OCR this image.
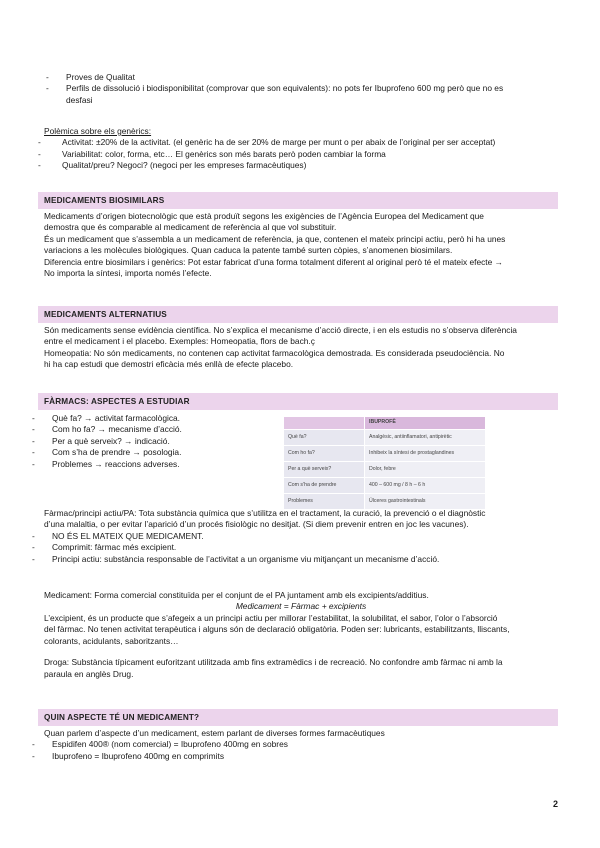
- Proves de Qualitat
- Perfils de dissolució i biodisponibilitat (comprovar que son equivalents): no pots fer Ibuprofeno 600 mg però que no es
desfasi
Polèmica sobre els genèrics:
-	Activitat: ±20% de la activitat. (el genèric ha de ser 20% de marge per munt o per abaix de l’original per ser acceptat)
-	Variabilitat: color, forma, etc… El genèrics son més barats però poden cambiar la forma
-	Qualitat/preu? Negoci? (negoci per les empreses farmacèutiques)
MEDICAMENTS BIOSIMILARS
Medicaments d’origen biotecnològic que està produït segons les exigències de l’Agència Europea del Medicament que
demostra que és comparable al medicament de referència al que vol substituir.
És un medicament que s’assembla a un medicament de referència, ja que, contenen el mateix principi actiu, però hi ha unes
variacions a les molècules biològiques. Quan caduca la patente també surten còpies, s’anomenen biosimilars.
Diferencia entre biosimilars i genèrics: Pot estar fabricat d’una forma totalment diferent al original però té el mateix efecte →
No importa la síntesi, importa només l’efecte.
MEDICAMENTS ALTERNATIUS
Són medicaments sense evidència científica. No s’explica el mecanisme d’acció directe, i en els estudis no s’observa diferència
entre el medicament i el placebo. Exemples: Homeopatia, flors de bach.ç
Homeopatia: No són medicaments, no contenen cap activitat farmacològica demostrada. Es considerada pseudociència. No
hi ha cap estudi que demostri eficàcia més enllà de efecte placebo.
FÀRMACS: ASPECTES A ESTUDIAR
- Què fa? → activitat farmacològica.
- Com ho fa? → mecanisme d’acció.
- Per a què serveix? → indicació.
- Com s’ha de prendre → posologia.
- Problemes → reaccions adverses.
	IBUPROFÈ
Què fa?	Analgèsic, antiinflamatori, antipirètic
Com ho fa?	Inhibeix la síntesi de prostaglandines
Per a què serveix?	Dolor, febre
Com s’ha de prendre	400 – 600 mg / 8 h – 6 h
Problemes	Úlceres gastrointestinals
Fàrmac/principi actiu/PA: Tota substància química que s’utilitza en el tractament, la curació, la prevenció o el diagnòstic
d’una malaltia, o per evitar l’aparició d’un procés fisiològic no desitjat. (Si diem prevenir entren en joc les vacunes).
- NO ÉS EL MATEIX QUE MEDICAMENT.
- Comprimit: fàrmac més excipient.
- Principi actiu: substància responsable de l’activitat a un organisme viu mitjançant un mecanisme d’acció.
Medicament: Forma comercial constituïda per el conjunt de el PA juntament amb els excipients/additius.
Medicament = Fàrmac + excipients
L’excipient, és un producte que s’afegeix a un principi actiu per millorar l’estabilitat, la solubilitat, el sabor, l’olor o l’absorció
del fàrmac. No tenen activitat terapèutica i alguns són de declaració obligatòria. Poden ser: lubricants, estabilitzants, lliscants,
colorants, acidulants, saboritzants…
Droga: Substància típicament euforitzant utilitzada amb fins extramèdics i de recreació. No confondre amb fàrmac ni amb la
paraula en anglès Drug.
QUIN ASPECTE TÉ UN MEDICAMENT?
Quan parlem d’aspecte d’un medicament, estem parlant de diverses formes farmacèutiques
- Espidifen 400® (nom comercial) = Ibuprofeno 400mg en sobres
- Ibuprofeno = Ibuprofeno 400mg en comprimits
2
